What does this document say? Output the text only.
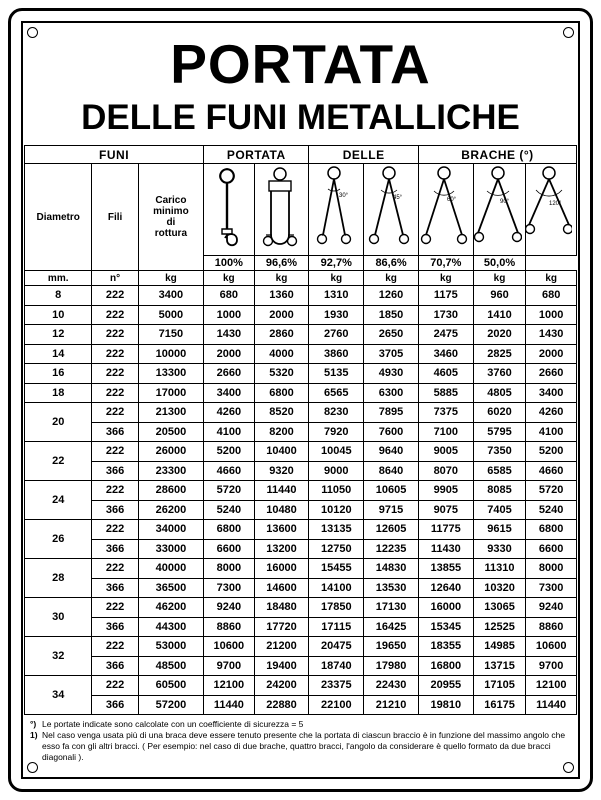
PORTATA
DELLE FUNI METALLICHE
FUNI			PORTATA		DELLE		BRACHE (°)		
Diametro	Fili	Carico
minimo
di
rottura			30°	45°	60°	90°	120°

			100%	96,6%	92,7%	86,6%	70,7%	50,0%	
mm.	n°	kg	kg	kg	kg	kg	kg	kg	kg
8	222	3400	680	1360	1310	1260	1175	960	680
10	222	5000	1000	2000	1930	1850	1730	1410	1000
12	222	7150	1430	2860	2760	2650	2475	2020	1430
14	222	10000	2000	4000	3860	3705	3460	2825	2000
16	222	13300	2660	5320	5135	4930	4605	3760	2660
18	222	17000	3400	6800	6565	6300	5885	4805	3400
20	222	21300	4260	8520	8230	7895	7375	6020	4260
	366	20500	4100	8200	7920	7600	7100	5795	4100
22	222	26000	5200	10400	10045	9640	9005	7350	5200
	366	23300	4660	9320	9000	8640	8070	6585	4660
24	222	28600	5720	11440	11050	10605	9905	8085	5720
	366	26200	5240	10480	10120	9715	9075	7405	5240
26	222	34000	6800	13600	13135	12605	11775	9615	6800
	366	33000	6600	13200	12750	12235	11430	9330	6600
28	222	40000	8000	16000	15455	14830	13855	11310	8000
	366	36500	7300	14600	14100	13530	12640	10320	7300
30	222	46200	9240	18480	17850	17130	16000	13065	9240
	366	44300	8860	17720	17115	16425	15345	12525	8860
32	222	53000	10600	21200	20475	19650	18355	14985	10600
	366	48500	9700	19400	18740	17980	16800	13715	9700
34	222	60500	12100	24200	23375	22430	20955	17105	12100
	366	57200	11440	22880	22100	21210	19810	16175	11440
°) Le portate indicate sono calcolate con un coefficiente di sicurezza = 5
1) Nel caso venga usata più di una braca deve essere tenuto presente che la portata di ciascun braccio è in funzione del massimo angolo che esso fa con gli altri bracci. ( Per esempio: nel caso di due brache, quattro bracci, l'angolo da considerare è quello formato da due bracci diagonali ).
